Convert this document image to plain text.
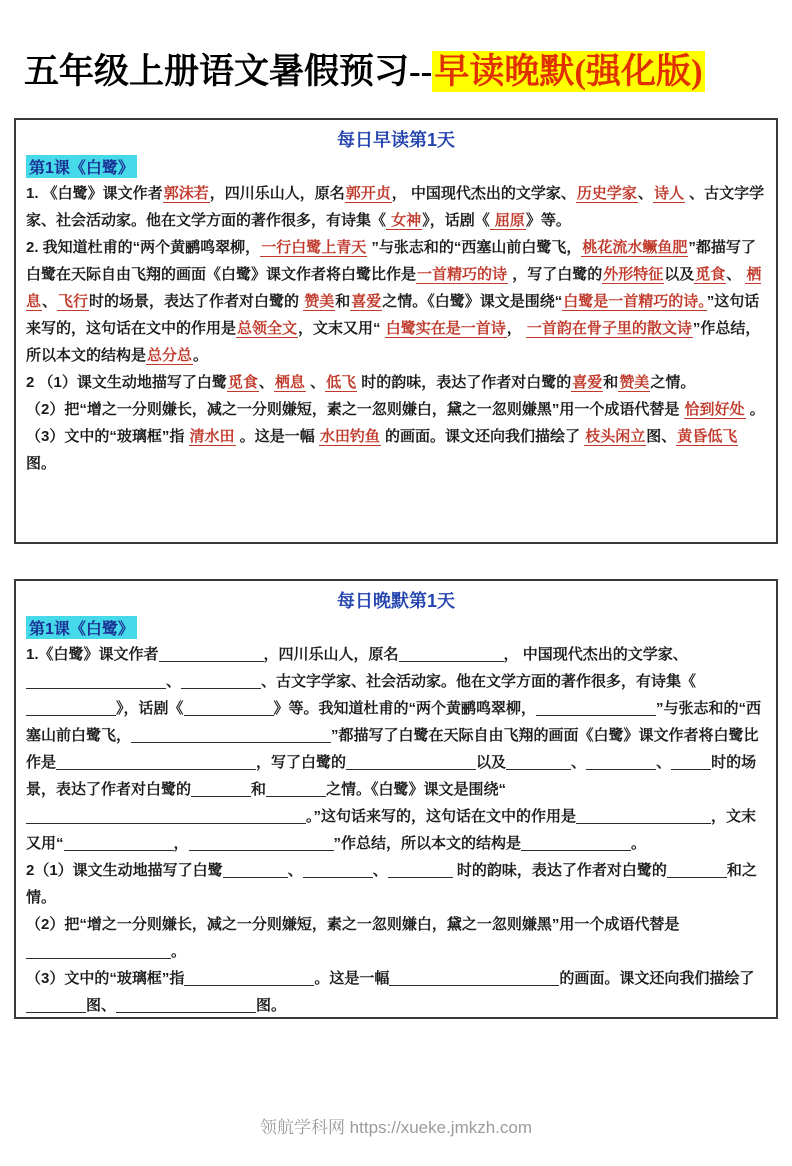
五年级上册语文暑假预习--早读晚默(强化版)
每日早读第1天
第1课《白鹭》

1. 《白鹭》课文作者郭沫若，四川乐山人，原名郭开贞， 中国现代杰出的文学家、历史学家、诗人 、古文字学家、社会活动家。他在文学方面的著作很多，有诗集《 女神》，话剧《 屈原》等。

2. 我知道杜甫的“两个黄鹂鸣翠柳，一行白鹭上青天 ”与张志和的“西塞山前白鹭飞，桃花流水鳜鱼肥”都描写了白鹭在天际自由飞翔的画面《白鹭》课文作者将白鹭比作是一首精巧的诗 ，写了白鹭的外形特征以及觅食、 栖息、飞行时的场景，表达了作者对白鹭的 赞美和喜爱之情。《白鹭》课文是围绕“白鹭是一首精巧的诗。”这句话来写的，这句话在文中的作用是总领全文，文末又用“ 白鹭实在是一首诗， 一首韵在骨子里的散文诗”作总结，所以本文的结构是总分总。

2 （1）课文生动地描写了白鹭觅食、栖息 、低飞 时的韵味，表达了作者对白鹭的喜爱和赞美之情。

（2）把“增之一分则嫌长，减之一分则嫌短，素之一忽则嫌白，黛之一忽则嫌黑”用一个成语代替是 恰到好处 。

（3）文中的“玻璃框”指 清水田 。这是一幅 水田钓鱼 的画面。课文还向我们描绘了 枝头闲立图、黄昏低飞 图。

每日晚默第1天
第1课《白鹭》

1.《白鹭》课文作者	，四川乐山人，原名	， 中国现代杰出的文学家、、	、古文字学家、社会活动家。他在文学方面的著作很多，有诗集《》，话剧《	》等。我知道杜甫的“两个黄鹂鸣翠柳，	”与张志和的“西塞山前白鹭飞，	”都描写了白鹭在天际自由飞翔的画面《白鹭》课文作者将白鹭比作是	，写了白鹭的	以及	、	、	时的场景，表达了作者对白鹭的	和	之情。《白鹭》课文是围绕“。”这句话来写的，这句话在文中的作用是	，文末又用“	，	”作总结，所以本文的结构是	。

2（1）课文生动地描写了白鹭	、	、	时的韵味，表达了作者对白鹭的	和之情。

（2）把“增之一分则嫌长，减之一分则嫌短，素之一忽则嫌白，黛之一忽则嫌黑”用一个成语代替是。

（3）文中的“玻璃框”指	。这是一幅	的画面。课文还向我们描绘了图、	图。

领航学科网 https://xueke.jmkzh.com
